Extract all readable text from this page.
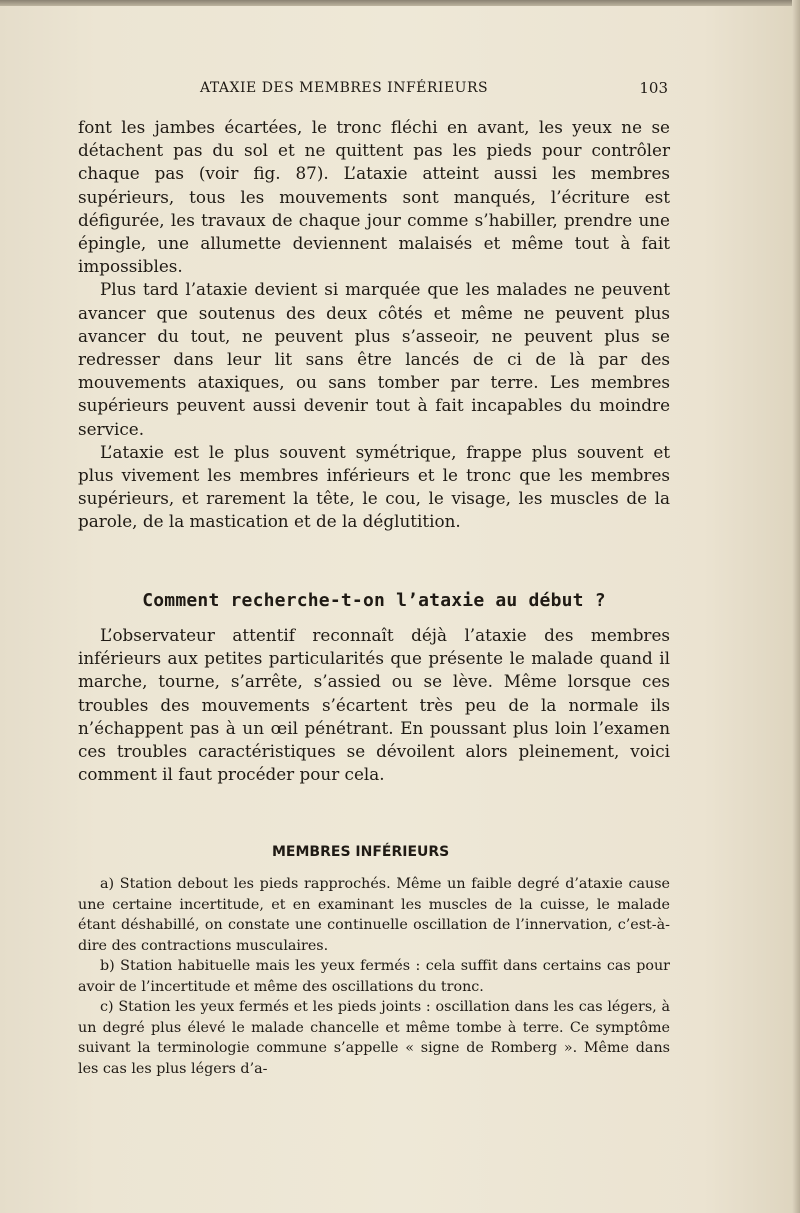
ATAXIE DES MEMBRES INFÉRIEURS	103

font les jambes écartées, le tronc fléchi en avant, les yeux ne se détachent pas du sol et ne quittent pas les pieds pour contrôler chaque pas (voir fig. 87). L’ataxie atteint aussi les membres supérieurs, tous les mouvements sont manqués, l’écriture est défigurée, les travaux de chaque jour comme s’habiller, prendre une épingle, une allumette deviennent malaisés et même tout à fait impossibles.

Plus tard l’ataxie devient si marquée que les malades ne peuvent avancer que soutenus des deux côtés et même ne peuvent plus avancer du tout, ne peuvent plus s’asseoir, ne peuvent plus se redresser dans leur lit sans être lancés de ci de là par des mouvements ataxiques, ou sans tomber par terre. Les membres supérieurs peuvent aussi devenir tout à fait incapables du moindre service.

L’ataxie est le plus souvent symétrique, frappe plus souvent et plus vivement les membres inférieurs et le tronc que les membres supérieurs, et rarement la tête, le cou, le visage, les muscles de la parole, de la mastication et de la déglutition.

Comment recherche-t-on l’ataxie au début ?

L’observateur attentif reconnaît déjà l’ataxie des membres inférieurs aux petites particularités que présente le malade quand il marche, tourne, s’arrête, s’assied ou se lève. Même lorsque ces troubles des mouvements s’écartent très peu de la normale ils n’échappent pas à un œil pénétrant. En poussant plus loin l’examen ces troubles caractéristiques se dévoilent alors pleinement, voici comment il faut procéder pour cela.

MEMBRES INFÉRIEURS

a) Station debout les pieds rapprochés. Même un faible degré d’ataxie cause une certaine incertitude, et en examinant les muscles de la cuisse, le malade étant déshabillé, on constate une continuelle oscillation de l’innervation, c’est-à-dire des contractions musculaires.

b) Station habituelle mais les yeux fermés : cela suffit dans certains cas pour avoir de l’incertitude et même des oscillations du tronc.

c) Station les yeux fermés et les pieds joints : oscillation dans les cas légers, à un degré plus élevé le malade chancelle et même tombe à terre. Ce symptôme suivant la terminologie commune s’appelle « signe de Romberg ». Même dans les cas les plus légers d’a-
